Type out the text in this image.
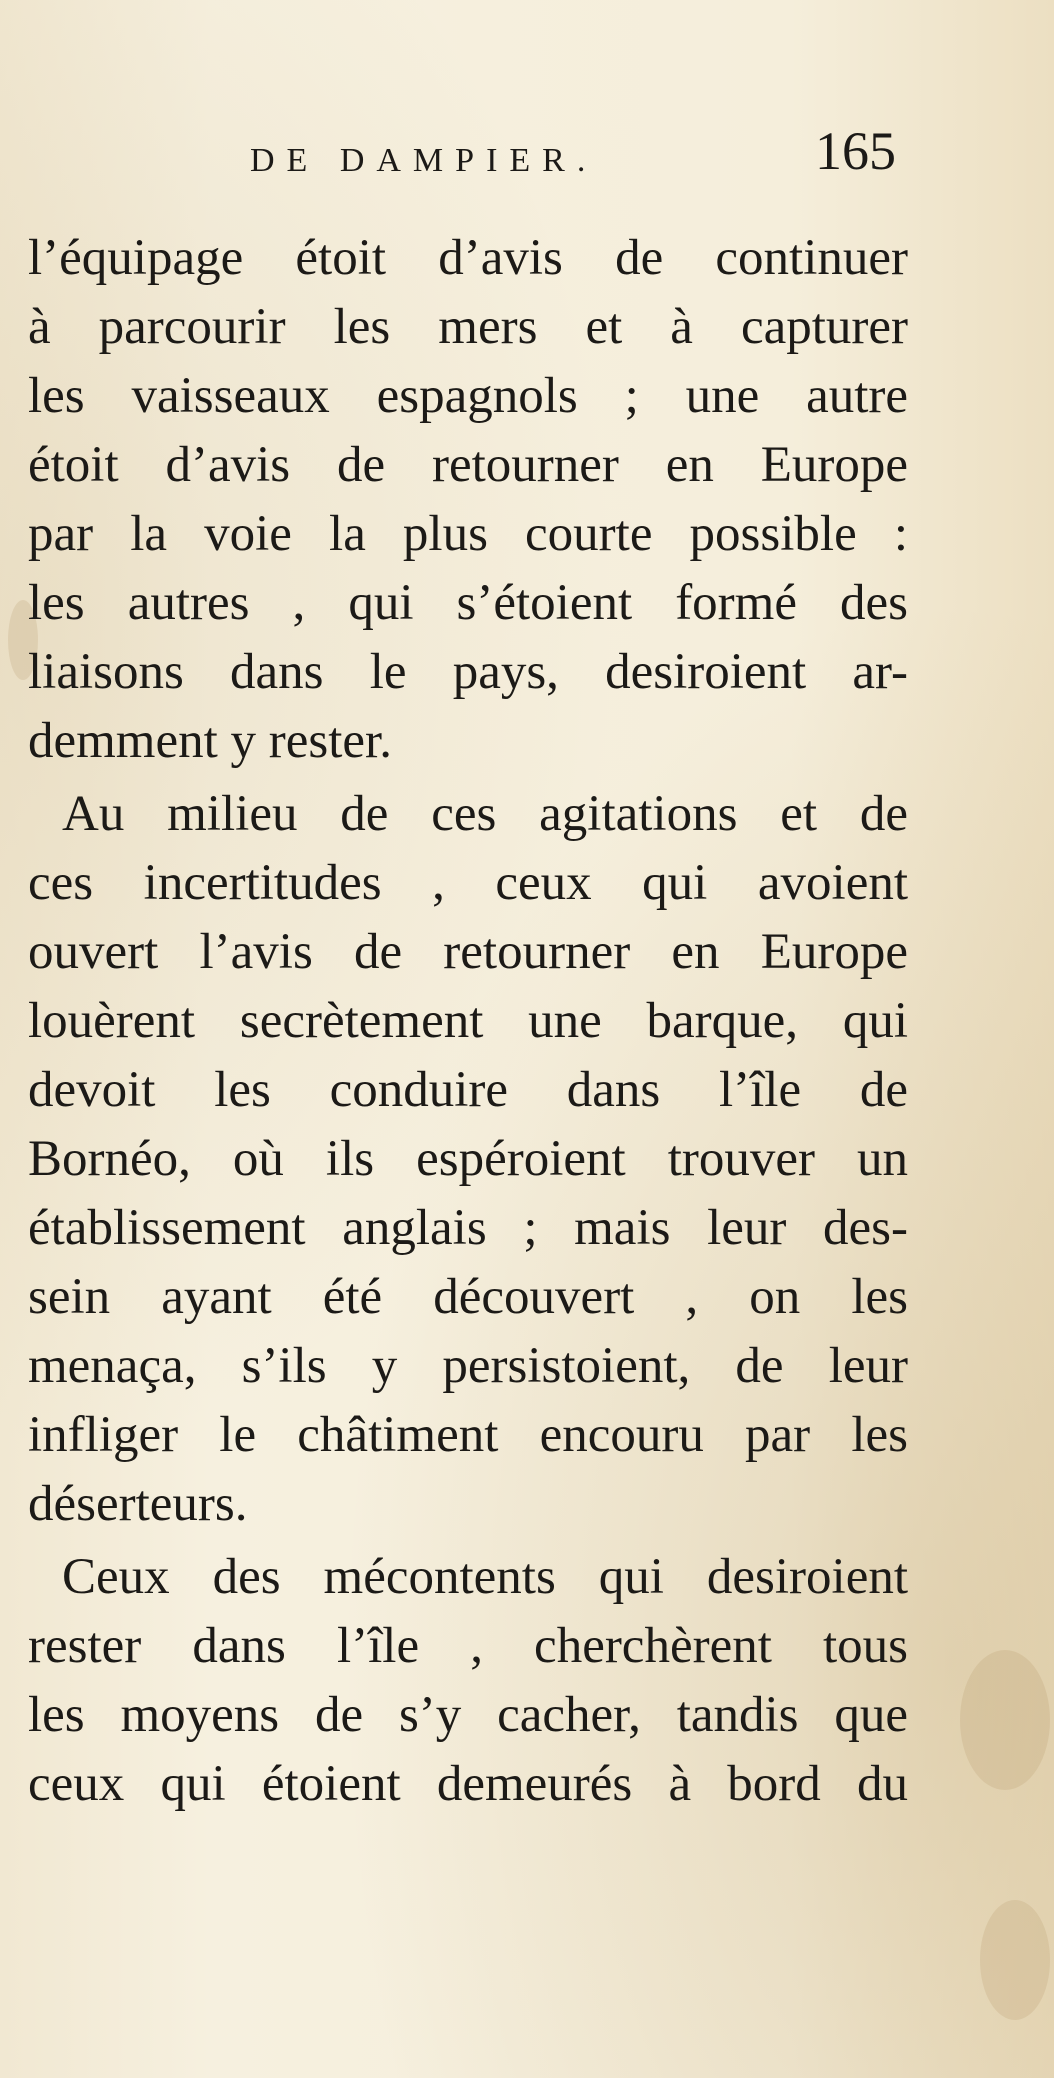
DE DAMPIER.	165
l’équipage étoit d’avis de continuer
à parcourir les mers et à capturer
les vaisseaux espagnols ; une autre
étoit d’avis de retourner en Europe
par la voie la plus courte possible :
les autres , qui s’étoient formé des
liaisons dans le pays, desiroient ar-
demment y rester.
Au milieu de ces agitations et de
ces incertitudes , ceux qui avoient
ouvert l’avis de retourner en Europe
louèrent secrètement une barque, qui
devoit les conduire dans l’île de
Bornéo, où ils espéroient trouver un
établissement anglais ; mais leur des-
sein ayant été découvert , on les
menaça, s’ils y persistoient, de leur
infliger le châtiment encouru par les
déserteurs.
Ceux des mécontents qui desiroient
rester dans l’île , cherchèrent tous
les moyens de s’y cacher, tandis que
ceux qui étoient demeurés à bord du
